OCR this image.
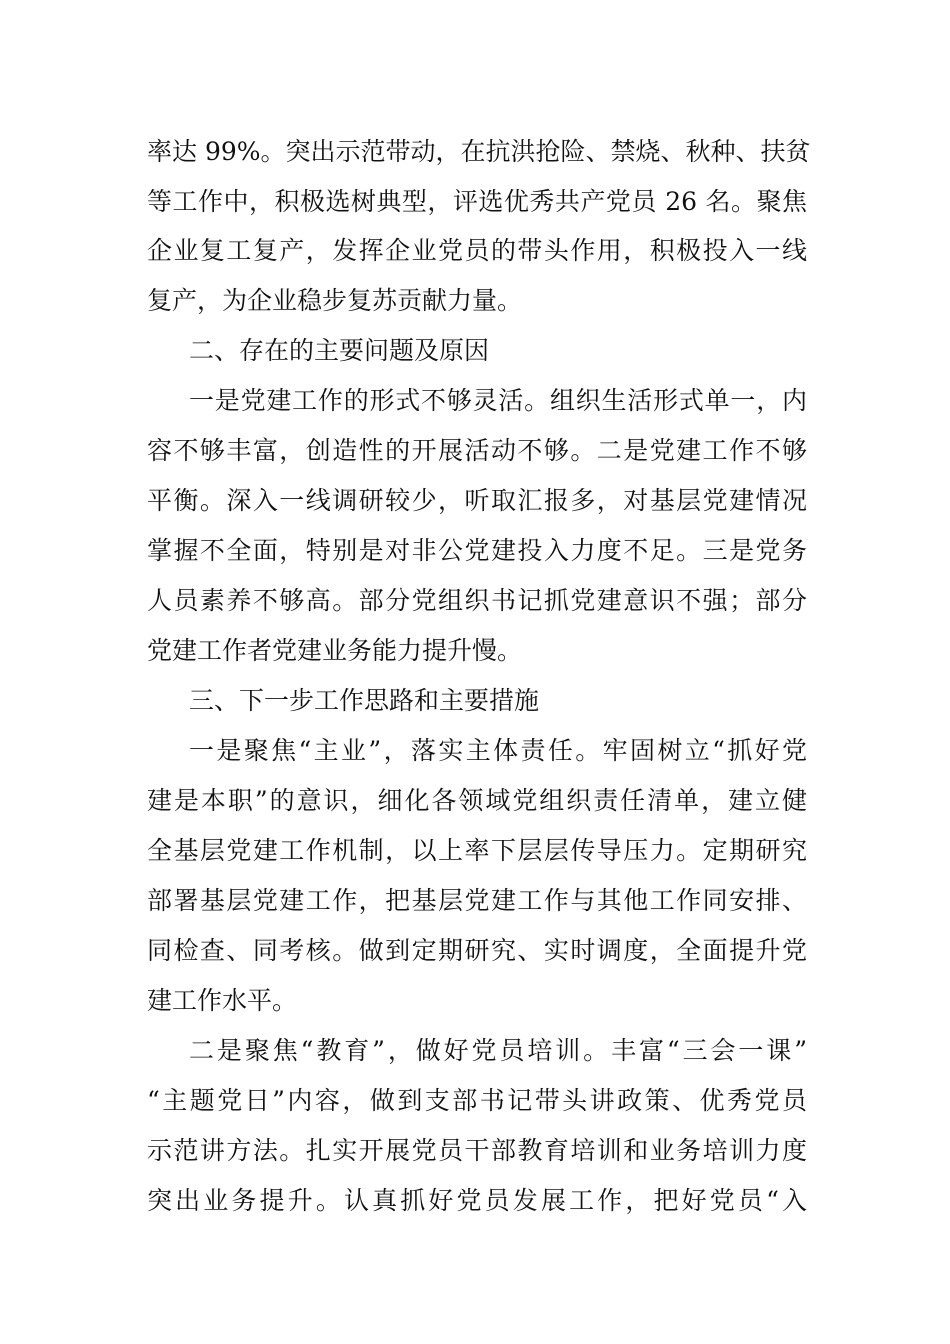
率达 99%。突出示范带动，在抗洪抢险、禁烧、秋种、扶贫
等工作中，积极选树典型，评选优秀共产党员 26 名。聚焦
企业复工复产，发挥企业党员的带头作用，积极投入一线
复产，为企业稳步复苏贡献力量。
二、存在的主要问题及原因
一是党建工作的形式不够灵活。组织生活形式单一，内
容不够丰富，创造性的开展活动不够。二是党建工作不够
平衡。深入一线调研较少，听取汇报多，对基层党建情况
掌握不全面，特别是对非公党建投入力度不足。三是党务
人员素养不够高。部分党组织书记抓党建意识不强；部分
党建工作者党建业务能力提升慢。
三、下一步工作思路和主要措施
一是聚焦“主业”，落实主体责任。牢固树立“抓好党
建是本职”的意识，细化各领域党组织责任清单，建立健
全基层党建工作机制，以上率下层层传导压力。定期研究
部署基层党建工作，把基层党建工作与其他工作同安排、
同检查、同考核。做到定期研究、实时调度，全面提升党
建工作水平。
二是聚焦“教育”，做好党员培训。丰富“三会一课”
“主题党日”内容，做到支部书记带头讲政策、优秀党员
示范讲方法。扎实开展党员干部教育培训和业务培训力度
突出业务提升。认真抓好党员发展工作，把好党员“入
